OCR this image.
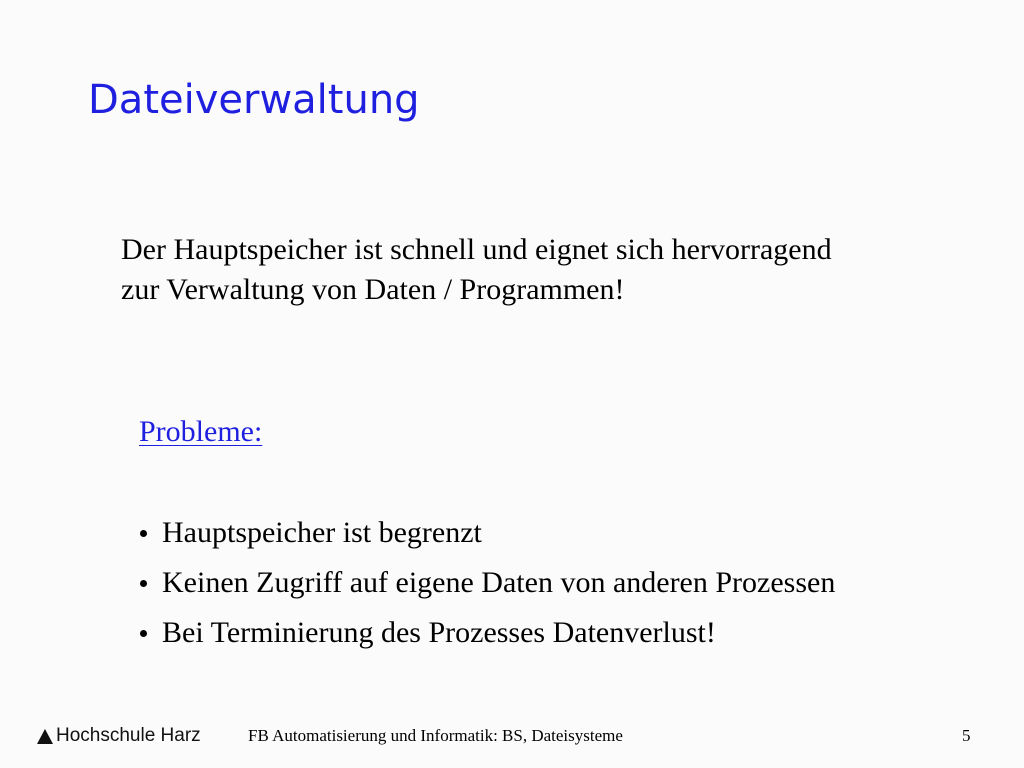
Dateiverwaltung
Der Hauptspeicher ist schnell und eignet sich hervorragend
zur Verwaltung von Daten / Programmen!
Probleme:
Hauptspeicher ist begrenzt
Keinen Zugriff auf eigene Daten von anderen Prozessen
Bei Terminierung des Prozesses Datenverlust!
Hochschule Harz	FB Automatisierung und Informatik: BS, Dateisysteme	5
